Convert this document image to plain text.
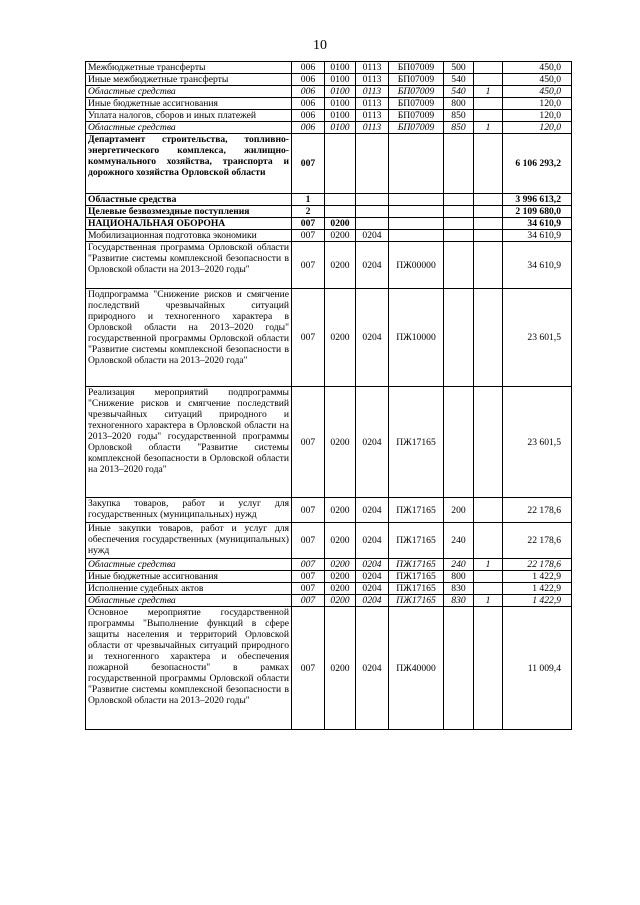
10
Межбюджетные трансферты	006	0100	0113	БП07009	500		450,0
Иные межбюджетные трансферты	006	0100	0113	БП07009	540		450,0
Областные средства	006	0100	0113	БП07009	540	1	450,0
Иные бюджетные ассигнования	006	0100	0113	БП07009	800		120,0
Уплата налогов, сборов и иных платежей	006	0100	0113	БП07009	850		120,0
Областные средства	006	0100	0113	БП07009	850	1	120,0
Департамент строительства, топливно-энергетического комплекса, жилищно-коммунального хозяйства, транспорта и дорожного хозяйства Орловской области	007						6 106 293,2
Областные средства	1						3 996 613,2
Целевые безвозмездные поступления	2						2 109 680,0
НАЦИОНАЛЬНАЯ ОБОРОНА	007	0200					34 610,9
Мобилизационная подготовка экономики	007	0200	0204				34 610,9
Государственная программа Орловской области "Развитие системы комплексной безопасности в Орловской области на 2013–2020 годы"	007	0200	0204	ПЖ00000			34 610,9
Подпрограмма "Снижение рисков и смягчение последствий чрезвычайных ситуаций природного и техногенного характера в Орловской области на 2013–2020 годы" государственной программы Орловской области "Развитие системы комплексной безопасности в Орловской области на 2013–2020 года"	007	0200	0204	ПЖ10000			23 601,5
Реализация мероприятий подпрограммы "Снижение рисков и смягчение последствий чрезвычайных ситуаций природного и техногенного характера в Орловской области на 2013–2020 годы" государственной программы Орловской области "Развитие системы комплексной безопасности в Орловской области на 2013–2020 года"	007	0200	0204	ПЖ17165			23 601,5
Закупка товаров, работ и услуг для государственных (муниципальных) нужд	007	0200	0204	ПЖ17165	200		22 178,6
Иные закупки товаров, работ и услуг для обеспечения государственных (муниципальных) нужд	007	0200	0204	ПЖ17165	240		22 178,6
Областные средства	007	0200	0204	ПЖ17165	240	1	22 178,6
Иные бюджетные ассигнования	007	0200	0204	ПЖ17165	800		1 422,9
Исполнение судебных актов	007	0200	0204	ПЖ17165	830		1 422,9
Областные средства	007	0200	0204	ПЖ17165	830	1	1 422,9
Основное мероприятие государственной программы "Выполнение функций в сфере защиты населения и территорий Орловской области от чрезвычайных ситуаций природного и техногенного характера и обеспечения пожарной безопасности" в рамках государственной программы Орловской области "Развитие системы комплексной безопасности в Орловской области на 2013–2020 годы"	007	0200	0204	ПЖ40000			11 009,4
